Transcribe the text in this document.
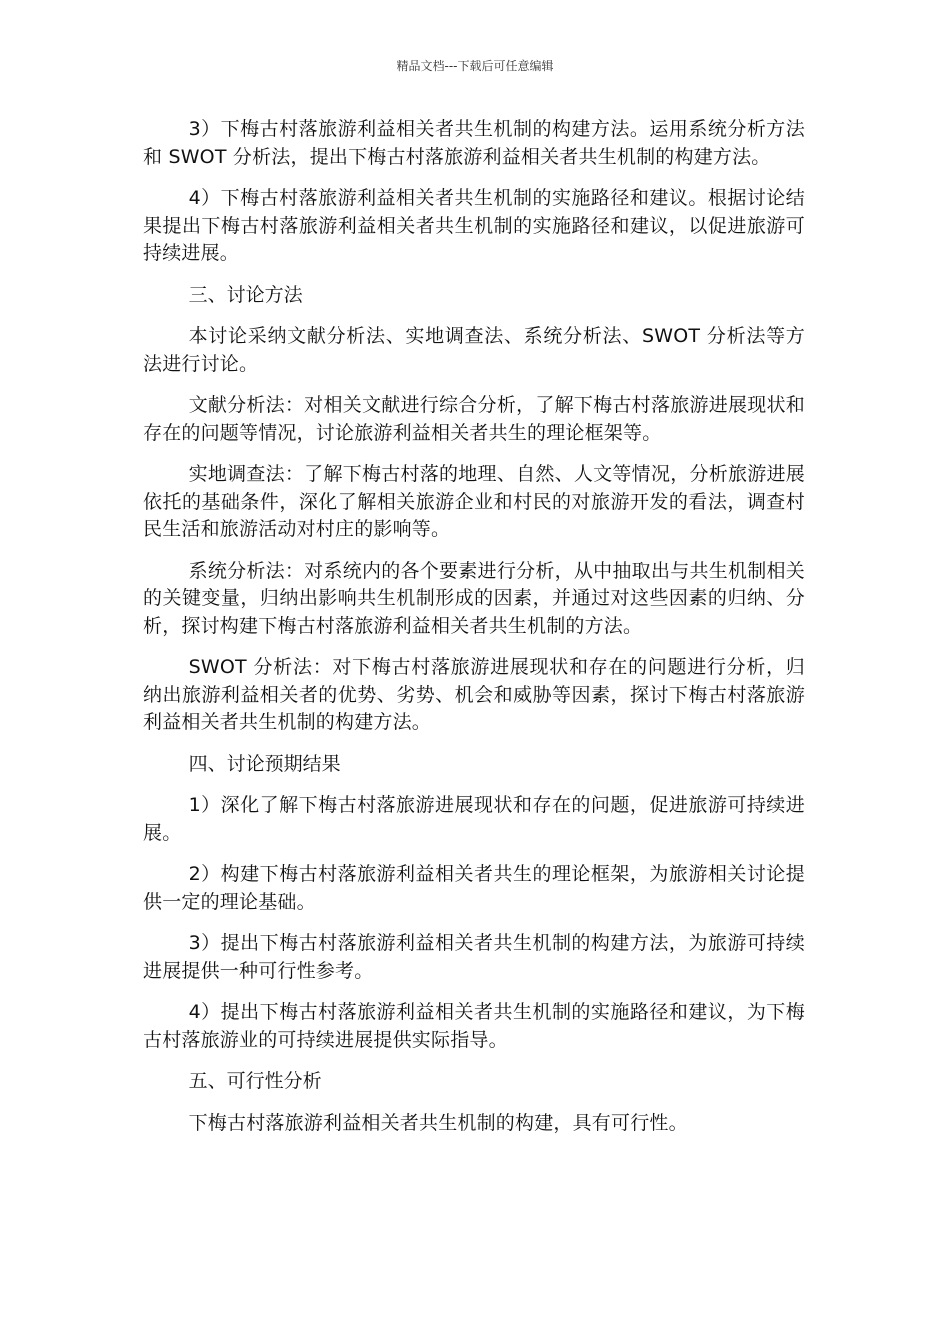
精品文档---下载后可任意编辑

3）下梅古村落旅游利益相关者共生机制的构建方法。运用系统分析方法和 SWOT 分析法，提出下梅古村落旅游利益相关者共生机制的构建方法。

4）下梅古村落旅游利益相关者共生机制的实施路径和建议。根据讨论结果提出下梅古村落旅游利益相关者共生机制的实施路径和建议，以促进旅游可持续进展。

三、讨论方法

本讨论采纳文献分析法、实地调查法、系统分析法、SWOT 分析法等方法进行讨论。

文献分析法：对相关文献进行综合分析，了解下梅古村落旅游进展现状和存在的问题等情况，讨论旅游利益相关者共生的理论框架等。

实地调查法：了解下梅古村落的地理、自然、人文等情况，分析旅游进展依托的基础条件，深化了解相关旅游企业和村民的对旅游开发的看法，调查村民生活和旅游活动对村庄的影响等。

系统分析法：对系统内的各个要素进行分析，从中抽取出与共生机制相关的关键变量，归纳出影响共生机制形成的因素，并通过对这些因素的归纳、分析，探讨构建下梅古村落旅游利益相关者共生机制的方法。

SWOT 分析法：对下梅古村落旅游进展现状和存在的问题进行分析，归纳出旅游利益相关者的优势、劣势、机会和威胁等因素，探讨下梅古村落旅游利益相关者共生机制的构建方法。

四、讨论预期结果

1）深化了解下梅古村落旅游进展现状和存在的问题，促进旅游可持续进展。

2）构建下梅古村落旅游利益相关者共生的理论框架，为旅游相关讨论提供一定的理论基础。

3）提出下梅古村落旅游利益相关者共生机制的构建方法，为旅游可持续进展提供一种可行性参考。

4）提出下梅古村落旅游利益相关者共生机制的实施路径和建议，为下梅古村落旅游业的可持续进展提供实际指导。

五、可行性分析

下梅古村落旅游利益相关者共生机制的构建，具有可行性。
